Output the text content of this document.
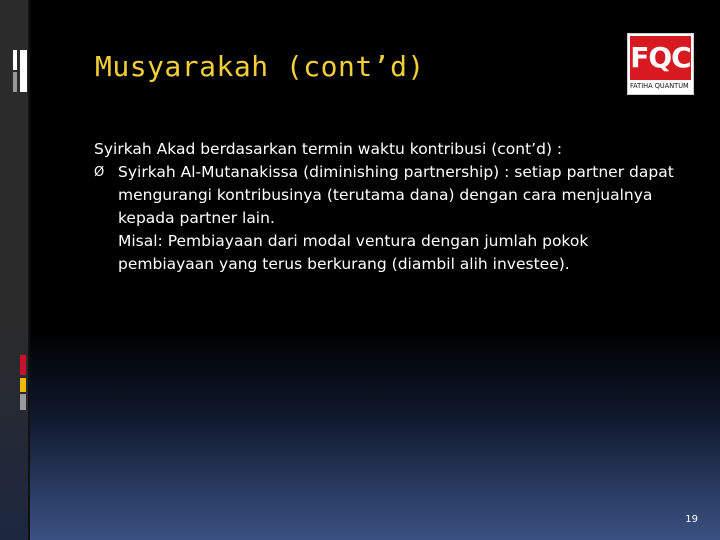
Musyarakah (cont’d)	FQC
FATIHA QUANTUM
Syirkah Akad berdasarkan termin waktu kontribusi (cont’d) :
Ø Syirkah Al-Mutanakissa (diminishing partnership) : setiap partner dapat mengurangi kontribusinya (terutama dana) dengan cara menjualnya kepada partner lain.
Misal: Pembiayaan dari modal ventura dengan jumlah pokok pembiayaan yang terus berkurang (diambil alih investee).
19
